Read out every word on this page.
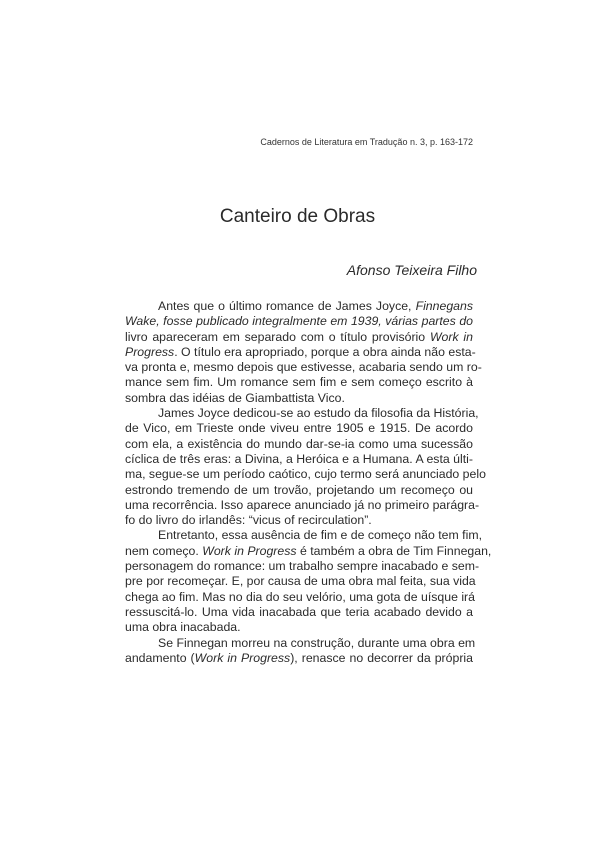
Cadernos de Literatura em Tradução n. 3, p. 163-172
Canteiro de Obras
Afonso Teixeira Filho

Antes que o último romance de James Joyce, Finnegans
Wake, fosse publicado integralmente em 1939, várias partes do
livro apareceram em separado com o título provisório Work in
Progress. O título era apropriado, porque a obra ainda não esta-
va pronta e, mesmo depois que estivesse, acabaria sendo um ro-
mance sem fim. Um romance sem fim e sem começo escrito à
sombra das idéias de Giambattista Vico.

James Joyce dedicou-se ao estudo da filosofia da História,
de Vico, em Trieste onde viveu entre 1905 e 1915. De acordo
com ela, a existência do mundo dar-se-ia como uma sucessão
cíclica de três eras: a Divina, a Heróica e a Humana. A esta últi-
ma, segue-se um período caótico, cujo termo será anunciado pelo
estrondo tremendo de um trovão, projetando um recomeço ou
uma recorrência. Isso aparece anunciado já no primeiro parágra-
fo do livro do irlandês: “vicus of recirculation”.

Entretanto, essa ausência de fim e de começo não tem fim,
nem começo. Work in Progress é também a obra de Tim Finnegan,
personagem do romance: um trabalho sempre inacabado e sem-
pre por recomeçar. E, por causa de uma obra mal feita, sua vida
chega ao fim. Mas no dia do seu velório, uma gota de uísque irá
ressuscitá-lo. Uma vida inacabada que teria acabado devido a
uma obra inacabada.

Se Finnegan morreu na construção, durante uma obra em
andamento (Work in Progress), renasce no decorrer da própria
